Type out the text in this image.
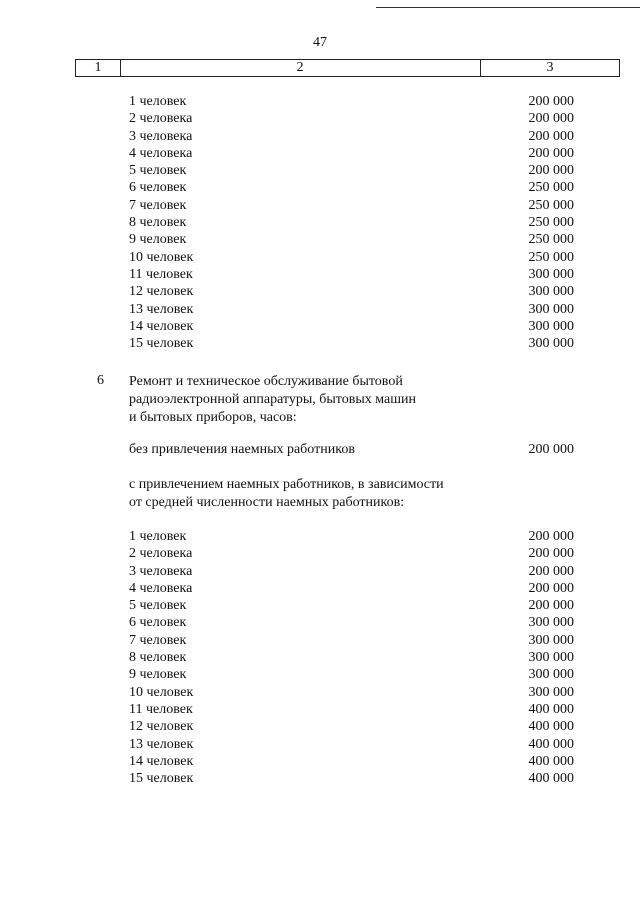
47
1	2	3
1 человек	200 000
2 человека	200 000
3 человека	200 000
4 человека	200 000
5 человек	200 000
6 человек	250 000
7 человек	250 000
8 человек	250 000
9 человек	250 000
10 человек	250 000
11 человек	300 000
12 человек	300 000
13 человек	300 000
14 человек	300 000
15 человек	300 000
6 Ремонт и техническое обслуживание бытовой
радиоэлектронной аппаратуры, бытовых машин
и бытовых приборов, часов:
без привлечения наемных работников	200 000
с привлечением наемных работников, в зависимости
от средней численности наемных работников:
1 человек	200 000
2 человека	200 000
3 человека	200 000
4 человека	200 000
5 человек	200 000
6 человек	300 000
7 человек	300 000
8 человек	300 000
9 человек	300 000
10 человек	300 000
11 человек	400 000
12 человек	400 000
13 человек	400 000
14 человек	400 000
15 человек	400 000
